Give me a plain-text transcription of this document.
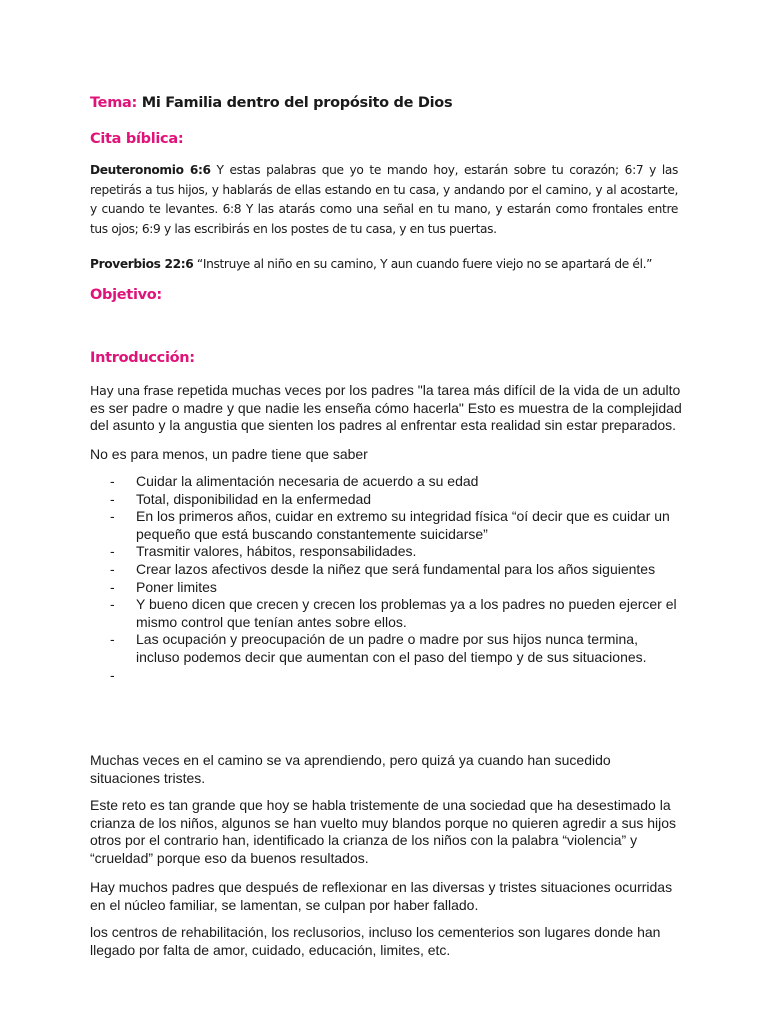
Tema: Mi Familia dentro del propósito de Dios
Cita bíblica:

Deuteronomio 6:6 Y estas palabras que yo te mando hoy, estarán sobre tu corazón; 6:7 y las repetirás a tus hijos, y hablarás de ellas estando en tu casa, y andando por el camino, y al acostarte, y cuando te levantes. 6:8 Y las atarás como una señal en tu mano, y estarán como frontales entre tus ojos; 6:9 y las escribirás en los postes de tu casa, y en tus puertas.

Proverbios 22:6 “Instruye al niño en su camino, Y aun cuando fuere viejo no se apartará de él.”

Objetivo:
Introducción:

Hay una frase repetida muchas veces por los padres "la tarea más difícil de la vida de un adulto es ser padre o madre y que nadie les enseña cómo hacerla" Esto es muestra de la complejidad del asunto y la angustia que sienten los padres al enfrentar esta realidad sin estar preparados.

No es para menos, un padre tiene que saber

- Cuidar la alimentación necesaria de acuerdo a su edad
- Total, disponibilidad en la enfermedad
- En los primeros años, cuidar en extremo su integridad física “oí decir que es cuidar un pequeño que está buscando constantemente suicidarse”
- Trasmitir valores, hábitos, responsabilidades.
- Crear lazos afectivos desde la niñez que será fundamental para los años siguientes
- Poner limites
- Y bueno dicen que crecen y crecen los problemas ya a los padres no pueden ejercer el mismo control que tenían antes sobre ellos.
- Las ocupación y preocupación de un padre o madre por sus hijos nunca termina, incluso podemos decir que aumentan con el paso del tiempo y de sus situaciones.
-

Muchas veces en el camino se va aprendiendo, pero quizá ya cuando han sucedido situaciones tristes.

Este reto es tan grande que hoy se habla tristemente de una sociedad que ha desestimado la crianza de los niños, algunos se han vuelto muy blandos porque no quieren agredir a sus hijos otros por el contrario han, identificado la crianza de los niños con la palabra “violencia” y “crueldad” porque eso da buenos resultados.

Hay muchos padres que después de reflexionar en las diversas y tristes situaciones ocurridas en el núcleo familiar, se lamentan, se culpan por haber fallado.

los centros de rehabilitación, los reclusorios, incluso los cementerios son lugares donde han llegado por falta de amor, cuidado, educación, limites, etc.
